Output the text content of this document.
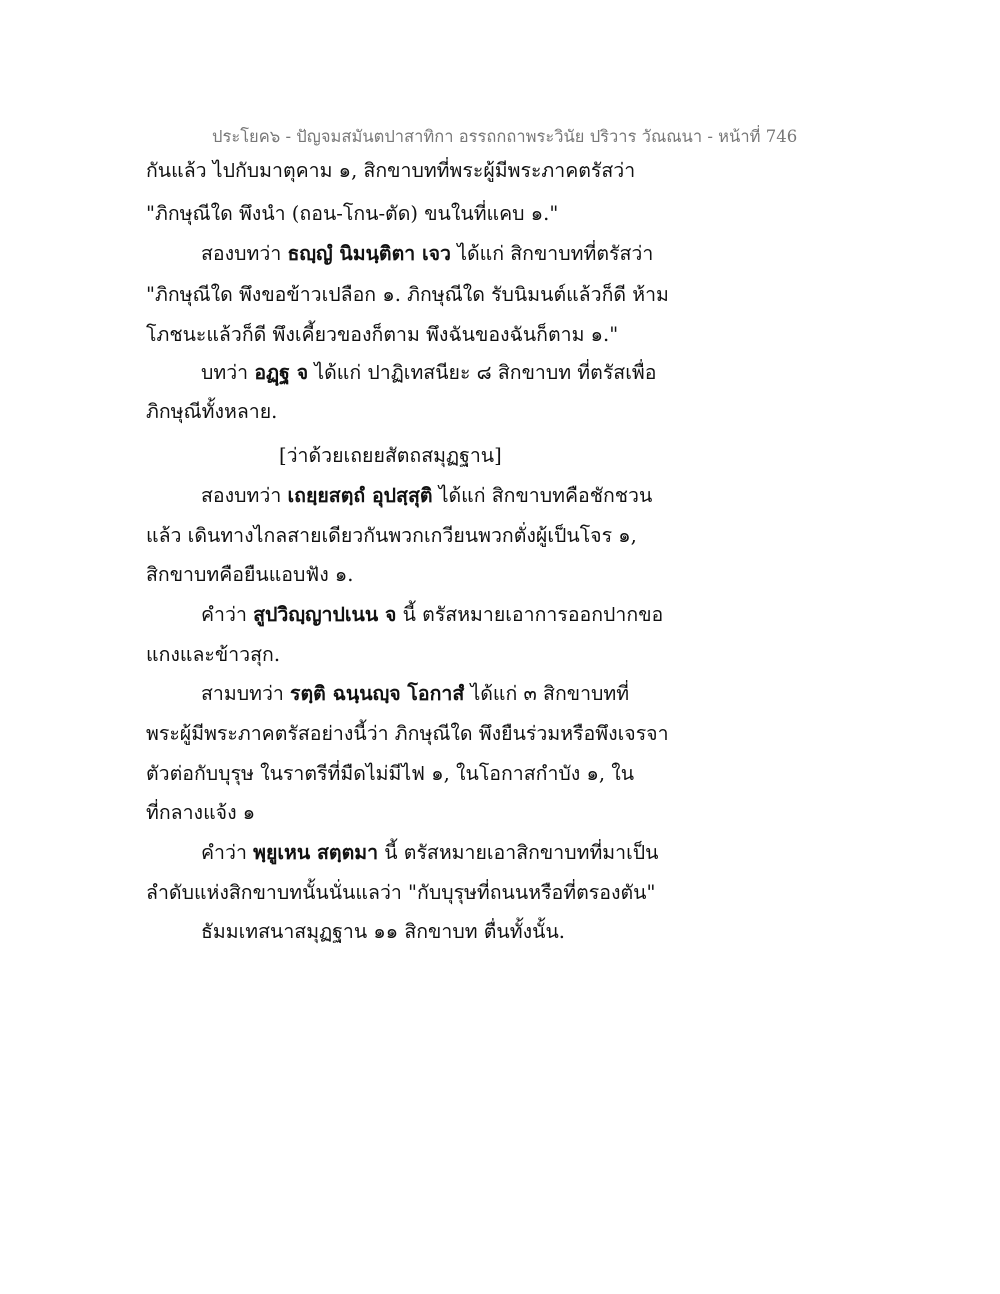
ประโยค๖ - ปัญจมสมันตปาสาทิกา อรรถกถาพระวินัย ปริวาร วัณณนา - หน้าที่ 746
กันแล้ว ไปกับมาตุคาม ๑, สิกขาบทที่พระผู้มีพระภาคตรัสว่า
"ภิกษุณีใด พึงนำ (ถอน-โกน-ตัด) ขนในที่แคบ ๑."
สองบทว่า ธญฺญํ นิมนฺติตา เจว ได้แก่ สิกขาบทที่ตรัสว่า
"ภิกษุณีใด พึงขอข้าวเปลือก ๑. ภิกษุณีใด รับนิมนต์แล้วก็ดี ห้าม
โภชนะแล้วก็ดี พึงเคี้ยวของก็ตาม พึงฉันของฉันก็ตาม ๑."
บทว่า อฏฺฐ จ ได้แก่ ปาฏิเทสนียะ ๘ สิกขาบท ที่ตรัสเพื่อ
ภิกษุณีทั้งหลาย.
[ว่าด้วยเถยยสัตถสมุฏฐาน]
สองบทว่า เถยฺยสตฺถํ อุปสฺสุติ ได้แก่ สิกขาบทคือชักชวน
แล้ว เดินทางไกลสายเดียวกันพวกเกวียนพวกตั่งผู้เป็นโจร ๑,
สิกขาบทคือยืนแอบฟัง ๑.
คำว่า สูปวิญฺญาปเนน จ นี้ ตรัสหมายเอาการออกปากขอ
แกงและข้าวสุก.
สามบทว่า รตฺติ ฉนฺนญฺจ โอกาสํ ได้แก่ ๓ สิกขาบทที่
พระผู้มีพระภาคตรัสอย่างนี้ว่า ภิกษุณีใด พึงยืนร่วมหรือพึงเจรจา
ตัวต่อกับบุรุษ ในราตรีที่มืดไม่มีไฟ ๑, ในโอกาสกำบัง ๑, ใน
ที่กลางแจ้ง ๑
คำว่า พฺยูเหน สตฺตมา นี้ ตรัสหมายเอาสิกขาบทที่มาเป็น
ลำดับแห่งสิกขาบทนั้นนั่นแลว่า "กับบุรุษที่ถนนหรือที่ตรองตัน"
ธัมมเทสนาสมุฏฐาน ๑๑ สิกขาบท ตื่นทั้งนั้น.
